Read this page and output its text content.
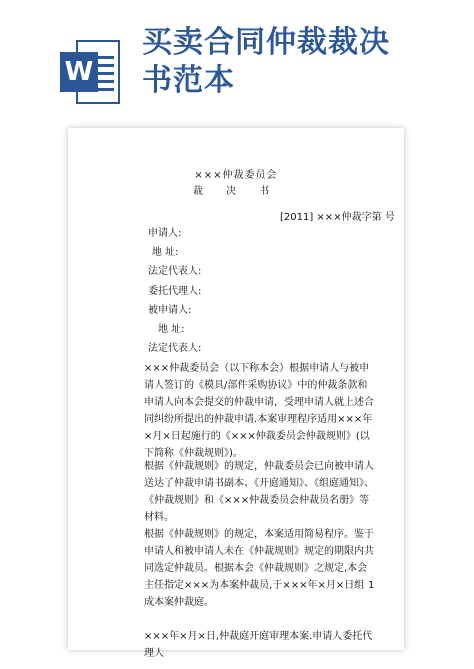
W
买卖合同仲裁裁决
书范本
×××仲裁委员会
裁 决 书
[2011] ×××仲裁字第 号
申请人:
地 址:
法定代表人:
委托代理人:
被申请人:
地 址:
法定代表人:
×××仲裁委员会（以下称本会）根据申请人与被申请人签订的《模具/部件采购协议》中的仲裁条款和申请人向本会提交的仲裁申请，受理申请人就上述合同纠纷所提出的仲裁申请.本案审理程序适用×××年×月×日起施行的《×××仲裁委员会仲裁规则》(以下简称《仲裁规则》)。
根据《仲裁规则》的规定，仲裁委员会已向被申请人送达了仲裁申请书副本、《开庭通知》、《组庭通知》、《仲裁规则》和《×××仲裁委员会仲裁员名册》等材料。
根据《仲裁规则》的规定，本案适用简易程序。鉴于申请人和被申请人未在《仲裁规则》规定的期限内共同选定仲裁员。根据本会《仲裁规则》之规定,本会主任指定×××为本案仲裁员,于×××年×月×日组成本案仲裁庭。
×××年×月×日,仲裁庭开庭审理本案.申请人委托代理人
1
